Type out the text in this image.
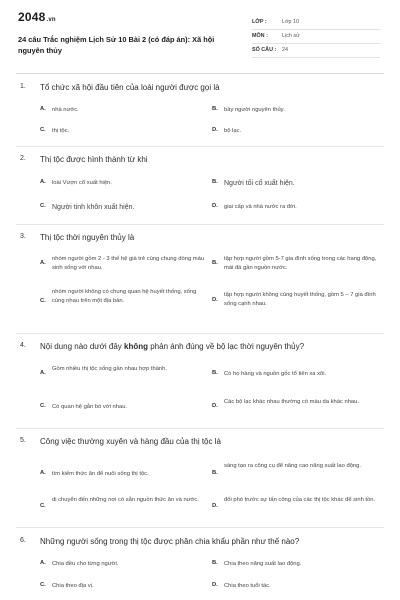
2048.vn
24 câu Trắc nghiệm Lịch Sử 10 Bài 2 (có đáp án): Xã hội nguyên thủy
LỚP :	Lớp 10
MÔN :	Lịch sử
SỐ CÂU : 24
1. Tổ chức xã hội đầu tiên của loài người được gọi là
A. nhà nước.	B. bầy người nguyên thủy.
C. thị tộc.	D. bộ lạc.
2. Thị tộc được hình thành từ khi
A. loài Vượn cổ xuất hiện.	B. Người tối cổ xuất hiện.
C. Người tinh khôn xuất hiện.	D. giai cấp và nhà nước ra đời.
3. Thị tộc thời nguyên thủy là
A.
nhóm người gồm 2 - 3 thế hệ già trẻ cùng chung dòng máu sinh sống với nhau.
B.
tập hợp người gồm 5-7 gia đình sống trong các hang động, mái đá gần nguồn nước.
C.
nhóm người không có chung quan hệ huyết thống, sống cùng nhau trên một địa bàn.	D.
tập hợp người không cùng huyết thống, gồm 5 – 7 gia đình sống cạnh nhau.
4. Nội dung nào dưới đây không phản ánh đúng về bộ lạc thời nguyên thủy?
A.
Gồm nhiều thị tộc sống gần nhau hợp thành.
B. Có họ hàng và nguồn gốc tổ tiên xa xôi.
C. Có quan hệ gắn bó với nhau.	D.
Các bộ lạc khác nhau thường có màu da khác nhau.
5. Công việc thường xuyên và hàng đầu của thị tộc là
A. tìm kiếm thức ăn để nuôi sống thị tộc.	B.
sáng tạo ra công cụ để nâng cao năng suất lao động.
C.
di chuyển đến những nơi có sẵn nguồn thức ăn và nước.
D.
đối phó trước sự tấn công của các thị tộc khác để sinh tồn.
6. Những người sống trong thị tộc được phân chia khẩu phần như thế nào?
A. Chia đều cho từng người.	B. Chia theo năng suất lao động.
C. Chia theo địa vị.	D. Chia theo tuổi tác.
